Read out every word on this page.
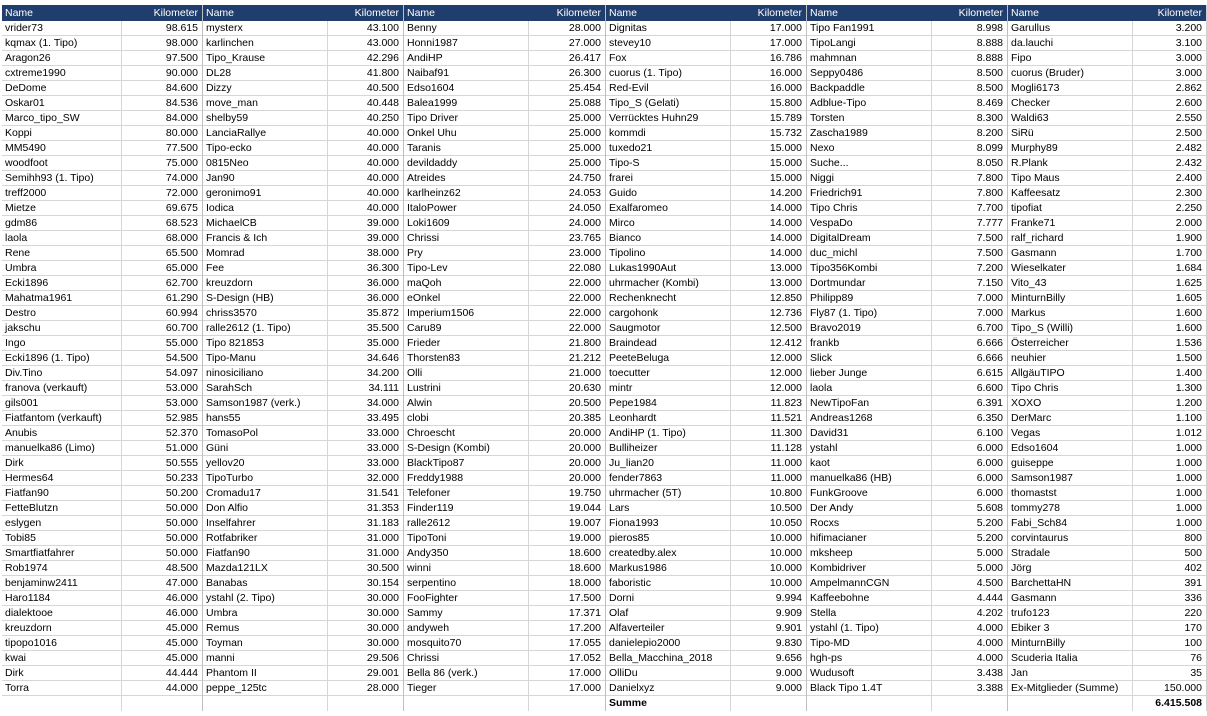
Name	Kilometer
vrider73	98.615
kqmax (1. Tipo)	98.000
Aragon26	97.500
cxtreme1990	90.000
DeDome	84.600
Oskar01	84.536
Marco_tipo_SW	84.000
Koppi	80.000
MM5490	77.500
woodfoot	75.000
Semihh93 (1. Tipo)	74.000
treff2000	72.000
Mietze	69.675
gdm86	68.523
laola	68.000
Rene	65.500
Umbra	65.000
Ecki1896	62.700
Mahatma1961	61.290
Destro	60.994
jakschu	60.700
Ingo	55.000
Ecki1896 (1. Tipo)	54.500
Div.Tino	54.097
franova (verkauft)	53.000
gils001	53.000
Fiatfantom (verkauft)	52.985
Anubis	52.370
manuelka86 (Limo)	51.000
Dirk	50.555
Hermes64	50.233
Fiatfan90	50.200
FetteBlutzn	50.000
eslygen	50.000
Tobi85	50.000
Smartfiatfahrer	50.000
Rob1974	48.500
benjaminw2411	47.000
Haro1184	46.000
dialektooe	46.000
kreuzdorn	45.000
tipopo1016	45.000
kwai	45.000
Dirk	44.444
Torra	44.000
Name	Kilometer
mysterx	43.100
karlinchen	43.000
Tipo_Krause	42.296
DL28	41.800
Dizzy	40.500
move_man	40.448
shelby59	40.250
LanciaRallye	40.000
Tipo-ecko	40.000
0815Neo	40.000
Jan90	40.000
geronimo91	40.000
Iodica	40.000
MichaelCB	39.000
Francis & Ich	39.000
Momrad	38.000
Fee	36.300
kreuzdorn	36.000
S-Design (HB)	36.000
chriss3570	35.872
ralle2612 (1. Tipo)	35.500
Tipo 821853	35.000
Tipo-Manu	34.646
ninosiciliano	34.200
SarahSch	34.111
Samson1987 (verk.)	34.000
hans55	33.495
TomasoPol	33.000
Güni	33.000
yellov20	33.000
TipoTurbo	32.000
Cromadu17	31.541
Don Alfio	31.353
Inselfahrer	31.183
Rotfabriker	31.000
Fiatfan90	31.000
Mazda121LX	30.500
Banabas	30.154
ystahl (2. Tipo)	30.000
Umbra	30.000
Remus	30.000
Toyman	30.000
manni	29.506
Phantom II	29.001
peppe_125tc	28.000
Name	Kilometer
Benny	28.000
Honni1987	27.000
AndiHP	26.417
Naibaf91	26.300
Edso1604	25.454
Balea1999	25.088
Tipo Driver	25.000
Onkel Uhu	25.000
Taranis	25.000
devildaddy	25.000
Atreides	24.750
karlheinz62	24.053
ItaloPower	24.050
Loki1609	24.000
Chrissi	23.765
Pry	23.000
Tipo-Lev	22.080
maQoh	22.000
eOnkel	22.000
Imperium1506	22.000
Caru89	22.000
Frieder	21.800
Thorsten83	21.212
Olli	21.000
Lustrini	20.630
Alwin	20.500
clobi	20.385
Chroescht	20.000
S-Design (Kombi)	20.000
BlackTipo87	20.000
Freddy1988	20.000
Telefoner	19.750
Finder119	19.044
ralle2612	19.007
TipoToni	19.000
Andy350	18.600
winni	18.600
serpentino	18.000
FooFighter	17.500
Sammy	17.371
andyweh	17.200
mosquito70	17.055
Chrissi	17.052
Bella 86 (verk.)	17.000
Tieger	17.000
Name	Kilometer
Dignitas	17.000
stevey10	17.000
Fox	16.786
cuorus (1. Tipo)	16.000
Red-Evil	16.000
Tipo_S (Gelati)	15.800
Verrücktes Huhn29	15.789
kommdi	15.732
tuxedo21	15.000
Tipo-S	15.000
frarei	15.000
Guido	14.200
Exalfaromeo	14.000
Mirco	14.000
Bianco	14.000
Tipolino	14.000
Lukas1990Aut	13.000
uhrmacher (Kombi)	13.000
Rechenknecht	12.850
cargohonk	12.736
Saugmotor	12.500
Braindead	12.412
PeeteBeluga	12.000
toecutter	12.000
mintr	12.000
Pepe1984	11.823
Leonhardt	11.521
AndiHP (1. Tipo)	11.300
Bulliheizer	11.128
Ju_lian20	11.000
fender7863	11.000
uhrmacher (5T)	10.800
Lars	10.500
Fiona1993	10.050
pieros85	10.000
createdby.alex	10.000
Markus1986	10.000
faboristic	10.000
Dorni	9.994
Olaf	9.909
Alfaverteiler	9.901
danielepio2000	9.830
Bella_Macchina_2018	9.656
OlliDu	9.000
Danielxyz	9.000
Summe
Name	Kilometer
Tipo Fan1991	8.998
TipoLangi	8.888
mahmnan	8.888
Seppy0486	8.500
Backpaddle	8.500
Adblue-Tipo	8.469
Torsten	8.300
Zascha1989	8.200
Nexo	8.099
Suche...	8.050
Niggi	7.800
Friedrich91	7.800
Tipo Chris	7.700
VespaDo	7.777
DigitalDream	7.500
duc_michl	7.500
Tipo356Kombi	7.200
Dortmundar	7.150
Philipp89	7.000
Fly87 (1. Tipo)	7.000
Bravo2019	6.700
frankb	6.666
Slick	6.666
lieber Junge	6.615
laola	6.600
NewTipoFan	6.391
Andreas1268	6.350
David31	6.100
ystahl	6.000
kaot	6.000
manuelka86 (HB)	6.000
FunkGroove	6.000
Der Andy	5.608
Rocxs	5.200
hifimacianer	5.200
mksheep	5.000
Kombidriver	5.000
AmpelmannCGN	4.500
Kaffeebohne	4.444
Stella	4.202
ystahl (1. Tipo)	4.000
Tipo-MD	4.000
hgh-ps	4.000
Wudusoft	3.438
Black Tipo 1.4T	3.388
Name	Kilometer
Garullus	3.200
da.lauchi	3.100
Fipo	3.000
cuorus (Bruder)	3.000
Mogli6173	2.862
Checker	2.600
Waldi63	2.550
SiRü	2.500
Murphy89	2.482
R.Plank	2.432
Tipo Maus	2.400
Kaffeesatz	2.300
tipofiat	2.250
Franke71	2.000
ralf_richard	1.900
Gasmann	1.700
Wieselkater	1.684
Vito_43	1.625
MinturnBilly	1.605
Markus	1.600
Tipo_S (Willi)	1.600
Österreicher	1.536
neuhier	1.500
AllgäuTIPO	1.400
Tipo Chris	1.300
XOXO	1.200
DerMarc	1.100
Vegas	1.012
Edso1604	1.000
guiseppe	1.000
Samson1987	1.000
thomastst	1.000
tommy278	1.000
Fabi_Sch84	1.000
corvintaurus	800
Stradale	500
Jörg	402
BarchettaHN	391
Gasmann	336
trufo123	220
Ebiker 3	170
MinturnBilly	100
Scuderia Italia	76
Jan	35
Ex-Mitglieder (Summe)	150.000
6.415.508
